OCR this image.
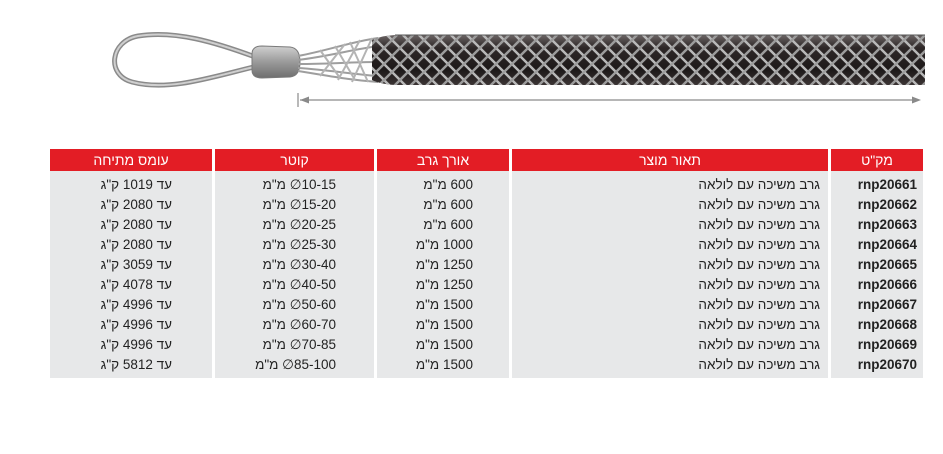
מק"ט	תאור מוצר	אורך גרב	קוטר	עומס מתיחה
rnp20661	גרב משיכה עם לולאה	600 מ"מ	10-15∅ מ"מ	עד 1019 ק"ג
rnp20662	גרב משיכה עם לולאה	600 מ"מ	15-20∅ מ"מ	עד 2080 ק"ג
rnp20663	גרב משיכה עם לולאה	600 מ"מ	20-25∅ מ"מ	עד 2080 ק"ג
rnp20664	גרב משיכה עם לולאה	1000 מ"מ	25-30∅ מ"מ	עד 2080 ק"ג
rnp20665	גרב משיכה עם לולאה	1250 מ"מ	30-40∅ מ"מ	עד 3059 ק"ג
rnp20666	גרב משיכה עם לולאה	1250 מ"מ	40-50∅ מ"מ	עד 4078 ק"ג
rnp20667	גרב משיכה עם לולאה	1500 מ"מ	50-60∅ מ"מ	עד 4996 ק"ג
rnp20668	גרב משיכה עם לולאה	1500 מ"מ	60-70∅ מ"מ	עד 4996 ק"ג
rnp20669	גרב משיכה עם לולאה	1500 מ"מ	70-85∅ מ"מ	עד 4996 ק"ג
rnp20670	גרב משיכה עם לולאה	1500 מ"מ	85-100∅ מ"מ	עד 5812 ק"ג
